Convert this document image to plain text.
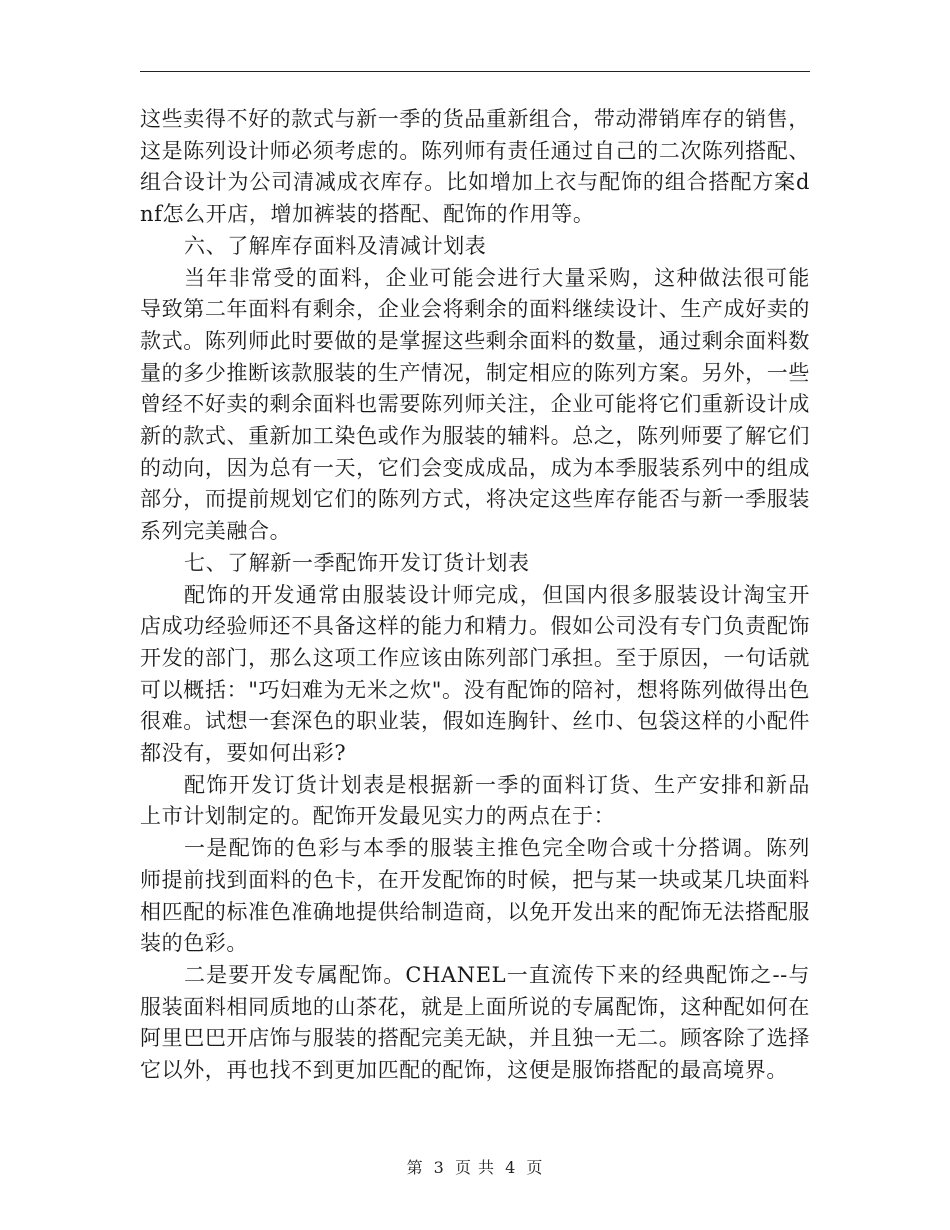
这些卖得不好的款式与新一季的货品重新组合，带动滞销库存的销售，这是陈列设计师必须考虑的。陈列师有责任通过自己的二次陈列搭配、组合设计为公司清减成衣库存。比如增加上衣与配饰的组合搭配方案dnf怎么开店，增加裤装的搭配、配饰的作用等。

六、了解库存面料及清减计划表

当年非常受的面料，企业可能会进行大量采购，这种做法很可能导致第二年面料有剩余，企业会将剩余的面料继续设计、生产成好卖的款式。陈列师此时要做的是掌握这些剩余面料的数量，通过剩余面料数量的多少推断该款服装的生产情况，制定相应的陈列方案。另外，一些曾经不好卖的剩余面料也需要陈列师关注，企业可能将它们重新设计成新的款式、重新加工染色或作为服装的辅料。总之，陈列师要了解它们的动向，因为总有一天，它们会变成成品，成为本季服装系列中的组成部分，而提前规划它们的陈列方式，将决定这些库存能否与新一季服装系列完美融合。

七、了解新一季配饰开发订货计划表

配饰的开发通常由服装设计师完成，但国内很多服装设计淘宝开店成功经验师还不具备这样的能力和精力。假如公司没有专门负责配饰开发的部门，那么这项工作应该由陈列部门承担。至于原因，一句话就可以概括："巧妇难为无米之炊"。没有配饰的陪衬，想将陈列做得出色很难。试想一套深色的职业装，假如连胸针、丝巾、包袋这样的小配件都没有，要如何出彩?

配饰开发订货计划表是根据新一季的面料订货、生产安排和新品上市计划制定的。配饰开发最见实力的两点在于：

一是配饰的色彩与本季的服装主推色完全吻合或十分搭调。陈列师提前找到面料的色卡，在开发配饰的时候，把与某一块或某几块面料相匹配的标准色准确地提供给制造商，以免开发出来的配饰无法搭配服装的色彩。

二是要开发专属配饰。CHANEL一直流传下来的经典配饰之--与服装面料相同质地的山茶花，就是上面所说的专属配饰，这种配如何在阿里巴巴开店饰与服装的搭配完美无缺，并且独一无二。顾客除了选择它以外，再也找不到更加匹配的配饰，这便是服饰搭配的最高境界。

第 3 页 共 4 页
